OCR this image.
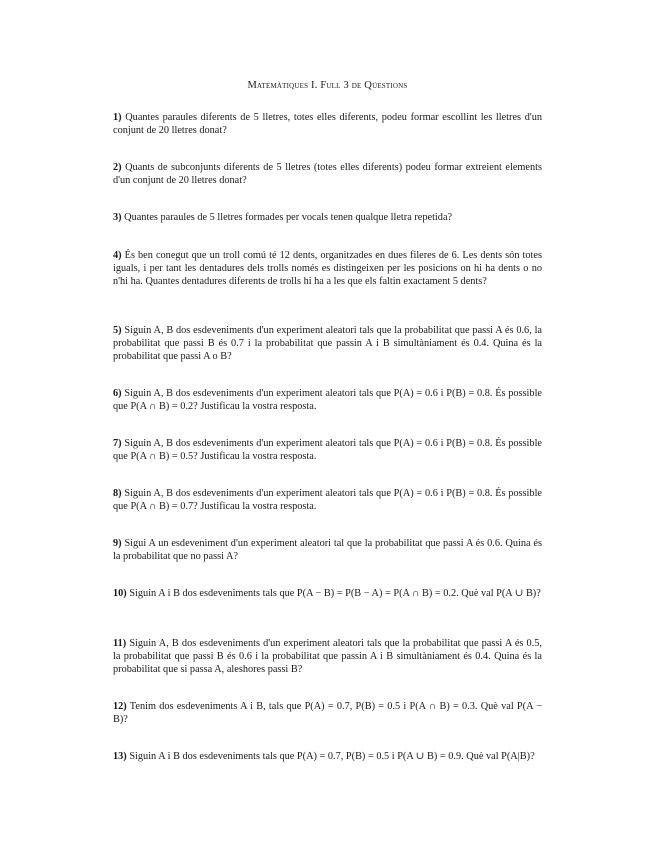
Matemàtiques I. Full 3 de Qüestions
1) Quantes paraules diferents de 5 lletres, totes elles diferents, podeu formar escollint les lletres d'un conjunt de 20 lletres donat?
2) Quants de subconjunts diferents de 5 lletres (totes elles diferents) podeu formar extreient elements d'un conjunt de 20 lletres donat?
3) Quantes paraules de 5 lletres formades per vocals tenen qualque lletra repetida?
4) És ben conegut que un troll comú té 12 dents, organitzades en dues fileres de 6. Les dents són totes iguals, i per tant les dentadures dels trolls només es distingeixen per les posicions on hi ha dents o no n'hi ha. Quantes dentadures diferents de trolls hi ha a les que els faltin exactament 5 dents?
5) Siguin A, B dos esdeveniments d'un experiment aleatori tals que la probabilitat que passi A és 0.6, la probabilitat que passi B és 0.7 i la probabilitat que passin A i B simultàniament és 0.4. Quina és la probabilitat que passi A o B?
6) Siguin A, B dos esdeveniments d'un experiment aleatori tals que P(A) = 0.6 i P(B) = 0.8. És possible que P(A ∩ B) = 0.2? Justificau la vostra resposta.
7) Siguin A, B dos esdeveniments d'un experiment aleatori tals que P(A) = 0.6 i P(B) = 0.8. És possible que P(A ∩ B) = 0.5? Justificau la vostra resposta.
8) Siguin A, B dos esdeveniments d'un experiment aleatori tals que P(A) = 0.6 i P(B) = 0.8. És possible que P(A ∩ B) = 0.7? Justificau la vostra resposta.
9) Sigui A un esdeveniment d'un experiment aleatori tal que la probabilitat que passi A és 0.6. Quina és la probabilitat que no passi A?
10) Siguin A i B dos esdeveniments tals que P(A − B) = P(B − A) = P(A ∩ B) = 0.2. Què val P(A ∪ B)?
11) Siguin A, B dos esdeveniments d'un experiment aleatori tals que la probabilitat que passi A és 0.5, la probabilitat que passi B és 0.6 i la probabilitat que passin A i B simultàniament és 0.4. Quina és la probabilitat que si passa A, aleshores passi B?
12) Tenim dos esdeveniments A i B, tals que P(A) = 0.7, P(B) = 0.5 i P(A ∩ B) = 0.3. Què val P(A − B)?
13) Siguin A i B dos esdeveniments tals que P(A) = 0.7, P(B) = 0.5 i P(A ∪ B) = 0.9. Què val P(A|B)?
